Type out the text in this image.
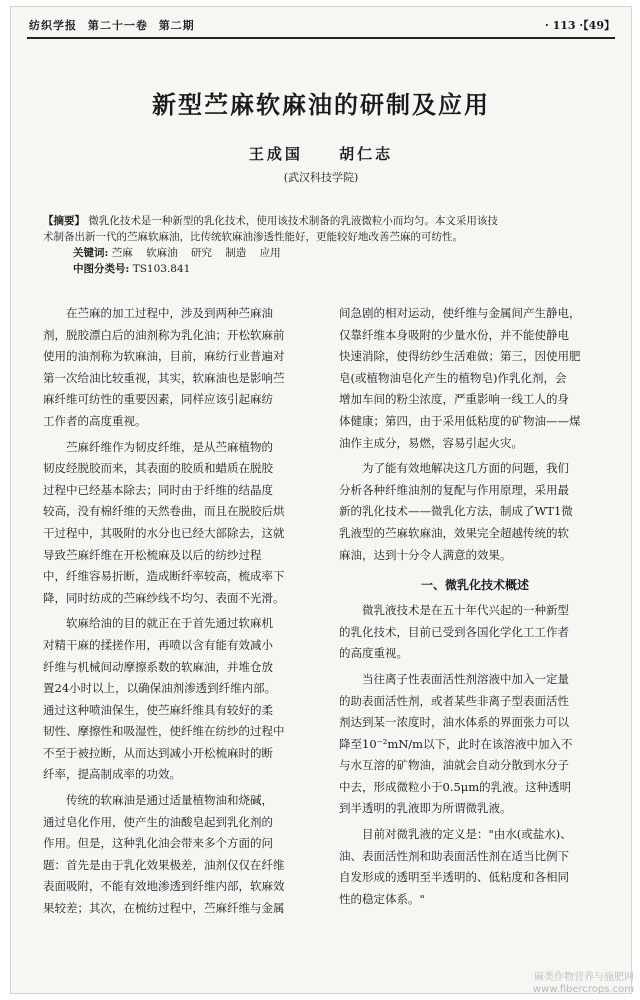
纺织学报 第二十一卷 第二期	· 113 ·【49】
新型苎麻软麻油的研制及应用
王成国 胡仁志
(武汉科技学院)
【摘要】 微乳化技术是一种新型的乳化技术，使用该技术制备的乳液微粒小而均匀。本文采用该技
术制备出新一代的苎麻软麻油，比传统软麻油渗透性能好，更能较好地改善苎麻的可纺性。
关键词: 苎麻 软麻油 研究 制造 应用
中图分类号: TS103.841
在苎麻的加工过程中，涉及到两种苎麻油
剂，脱胶漂白后的油剂称为乳化油；开松软麻前
使用的油剂称为软麻油，目前，麻纺行业普遍对
第一次给油比较重视，其实，软麻油也是影响苎
麻纤维可纺性的重要因素，同样应该引起麻纺
工作者的高度重视。
苎麻纤维作为韧皮纤维，是从苎麻植物的
韧皮经脱胶而来，其表面的胶质和蜡质在脱胶
过程中已经基本除去；同时由于纤维的结晶度
较高，没有棉纤维的天然卷曲，而且在脱胶后烘
干过程中，其吸附的水分也已经大部除去，这就
导致苎麻纤维在开松梳麻及以后的纺纱过程
中，纤维容易折断，造成断纤率较高，梳成率下
降，同时纺成的苎麻纱线不均匀、表面不光滑。
软麻给油的目的就正在于首先通过软麻机
对精干麻的揉搓作用，再喷以含有能有效减小
纤维与机械间动摩擦系数的软麻油，并堆仓放
置24小时以上，以确保油剂渗透到纤维内部。
通过这种喷油保生，使苎麻纤维具有较好的柔
韧性、摩擦性和吸湿性，使纤维在纺纱的过程中
不至于被拉断，从而达到减小开松梳麻时的断
纤率，提高制成率的功效。
传统的软麻油是通过适量植物油和烧碱，
通过皂化作用，使产生的油酸皂起到乳化剂的
作用。但是，这种乳化油会带来多个方面的问
题：首先是由于乳化效果极差，油剂仅仅在纤维
表面吸附，不能有效地渗透到纤维内部，软麻效
果较差；其次，在梳纺过程中，苎麻纤维与金属
间急剧的相对运动，使纤维与金属间产生静电，
仅靠纤维本身吸附的少量水份，并不能使静电
快速消除，使得纺纱生活难做；第三，因使用肥
皂(或植物油皂化产生的植物皂)作乳化剂，会
增加车间的粉尘浓度，严重影响一线工人的身
体健康；第四，由于采用低粘度的矿物油——煤
油作主成分，易燃，容易引起火灾。
为了能有效地解决这几方面的问题，我们
分析各种纤维油剂的复配与作用原理，采用最
新的乳化技术——微乳化方法，制成了WT1微
乳液型的苎麻软麻油，效果完全超越传统的软
麻油，达到十分令人满意的效果。
一、微乳化技术概述
微乳液技术是在五十年代兴起的一种新型
的乳化技术，目前已受到各国化学化工工作者
的高度重视。
当往离子性表面活性剂溶液中加入一定量
的助表面活性剂，或者某些非离子型表面活性
剂达到某一浓度时，油水体系的界面张力可以
降至10⁻²mN/m以下，此时在该溶液中加入不
与水互溶的矿物油，油就会自动分散到水分子
中去，形成微粒小于0.5μm的乳液。这种透明
到半透明的乳液即为所谓微乳液。
目前对微乳液的定义是："由水(或盐水)、
油、表面活性剂和助表面活性剂在适当比例下
自发形成的透明至半透明的、低粘度和各相同
性的稳定体系。"
麻类作物营养与施肥网
www.fibercrops.com
